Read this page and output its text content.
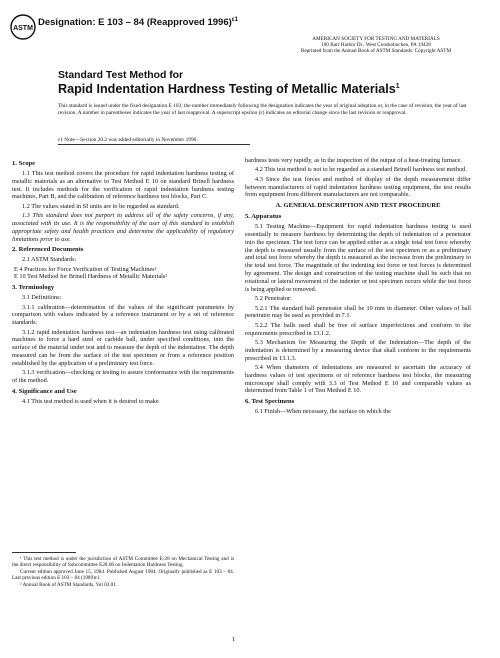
ASTM
Designation: E 103 – 84 (Reapproved 1996)$^{\varepsilon 1}$
AMERICAN SOCIETY FOR TESTING AND MATERIALS
100 Barr Harbor Dr., West Conshohocken, PA 19428
Reprinted from the Annual Book of ASTM Standards. Copyright ASTM
Standard Test Method for
Rapid Indentation Hardness Testing of Metallic Materials$^1$
This standard is issued under the fixed designation E 103; the number immediately following the designation indicates the year of original adoption or, in the case of revision, the year of last revision. A number in parentheses indicates the year of last reapproval. A superscript epsilon (ε) indicates an editorial change since the last revision or reapproval.
ε1 Note—Section 20.2 was added editorially in November 1996.
1. Scope

1.1 This test method covers the procedure for rapid indentation hardness testing of metallic materials as an alternative to Test Method E 10 on standard Brinell hardness test. It includes methods for the verification of rapid indentation hardness testing machines, Part B, and the calibration of reference hardness test blocks, Part C.

1.2 The values stated in SI units are to be regarded as standard.

1.3 This standard does not purport to address all of the safety concerns, if any, associated with its use. It is the responsibility of the user of this standard to establish appropriate safety and health practices and determine the applicability of regulatory limitations prior to use.

2. Referenced Documents

2.1 ASTM Standards:

E 4 Practices for Force Verification of Testing Machines²

E 10 Test Method for Brinell Hardness of Metallic Materials²

3. Terminology

3.1 Definitions:

3.1.1 calibration—determination of the values of the significant parameters by comparison with values indicated by a reference instrument or by a set of reference standards.

3.1.2 rapid indentation hardness test—an indentation hardness test using calibrated machines to force a hard steel or carbide ball, under specified conditions, into the surface of the material under test and to measure the depth of the indentation. The depth measured can be from the surface of the test specimen or from a reference position established by the application of a preliminary test force.

3.1.3 verification—checking or testing to assure conformance with the requirements of the method.

4. Significance and Use

4.1 This test method is used when it is desired to make

hardness tests very rapidly, as in the inspection of the output of a heat-treating furnace.

4.2 This test method is not to be regarded as a standard Brinell hardness test method.

4.3 Since the test forces and method of display of the depth measurement differ between manufacturers of rapid indentation hardness testing equipment, the test results from equipment from different manufacturers are not comparable.

A. GENERAL DESCRIPTION AND TEST PROCEDURE
5. Apparatus

5.1 Testing Machine—Equipment for rapid indentation hardness testing is used essentially to measure hardness by determining the depth of indentation of a penetrator into the specimen. The test force can be applied either as a single total test force whereby the depth is measured usually from the surface of the test specimen or as a preliminary and total test force whereby the depth is measured as the increase from the preliminary to the total test force. The magnitude of the indenting test force or test forces is determined by agreement. The design and construction of the testing machine shall be such that no rotational or lateral movement of the indenter or test specimen occurs while the test force is being applied or removed.

5.2 Penetrator:

5.2.1 The standard ball penetrator shall be 10 mm in diameter. Other values of ball penetrator may be used as provided in 7.1.

5.2.2 The balls used shall be free of surface imperfections and conform to the requirements prescribed in 13.1.2.

5.3 Mechanism for Measuring the Depth of the Indentation—The depth of the indentation is determined by a measuring device that shall conform to the requirements prescribed in 13.1.3.

5.4 When diameters of indentations are measured to ascertain the accuracy of hardness values of test specimens or of reference hardness test blocks, the measuring microscope shall comply with 3.3 of Test Method E 10 and comparable values as determined from Table 1 of Test Method E 10.

6. Test Specimens

6.1 Finish—When necessary, the surface on which the

¹ This test method is under the jurisdiction of ASTM Committee E-28 on Mechanical Testing and is the direct responsibility of Subcommittee E28.06 on Indentation Hardness Testing.

Current edition approved June 15, 1984. Published August 1984. Originally published as E 103 – 84. Last previous edition E 103 – 84 (1989)ε1.

² Annual Book of ASTM Standards, Vol 03.01.

1
